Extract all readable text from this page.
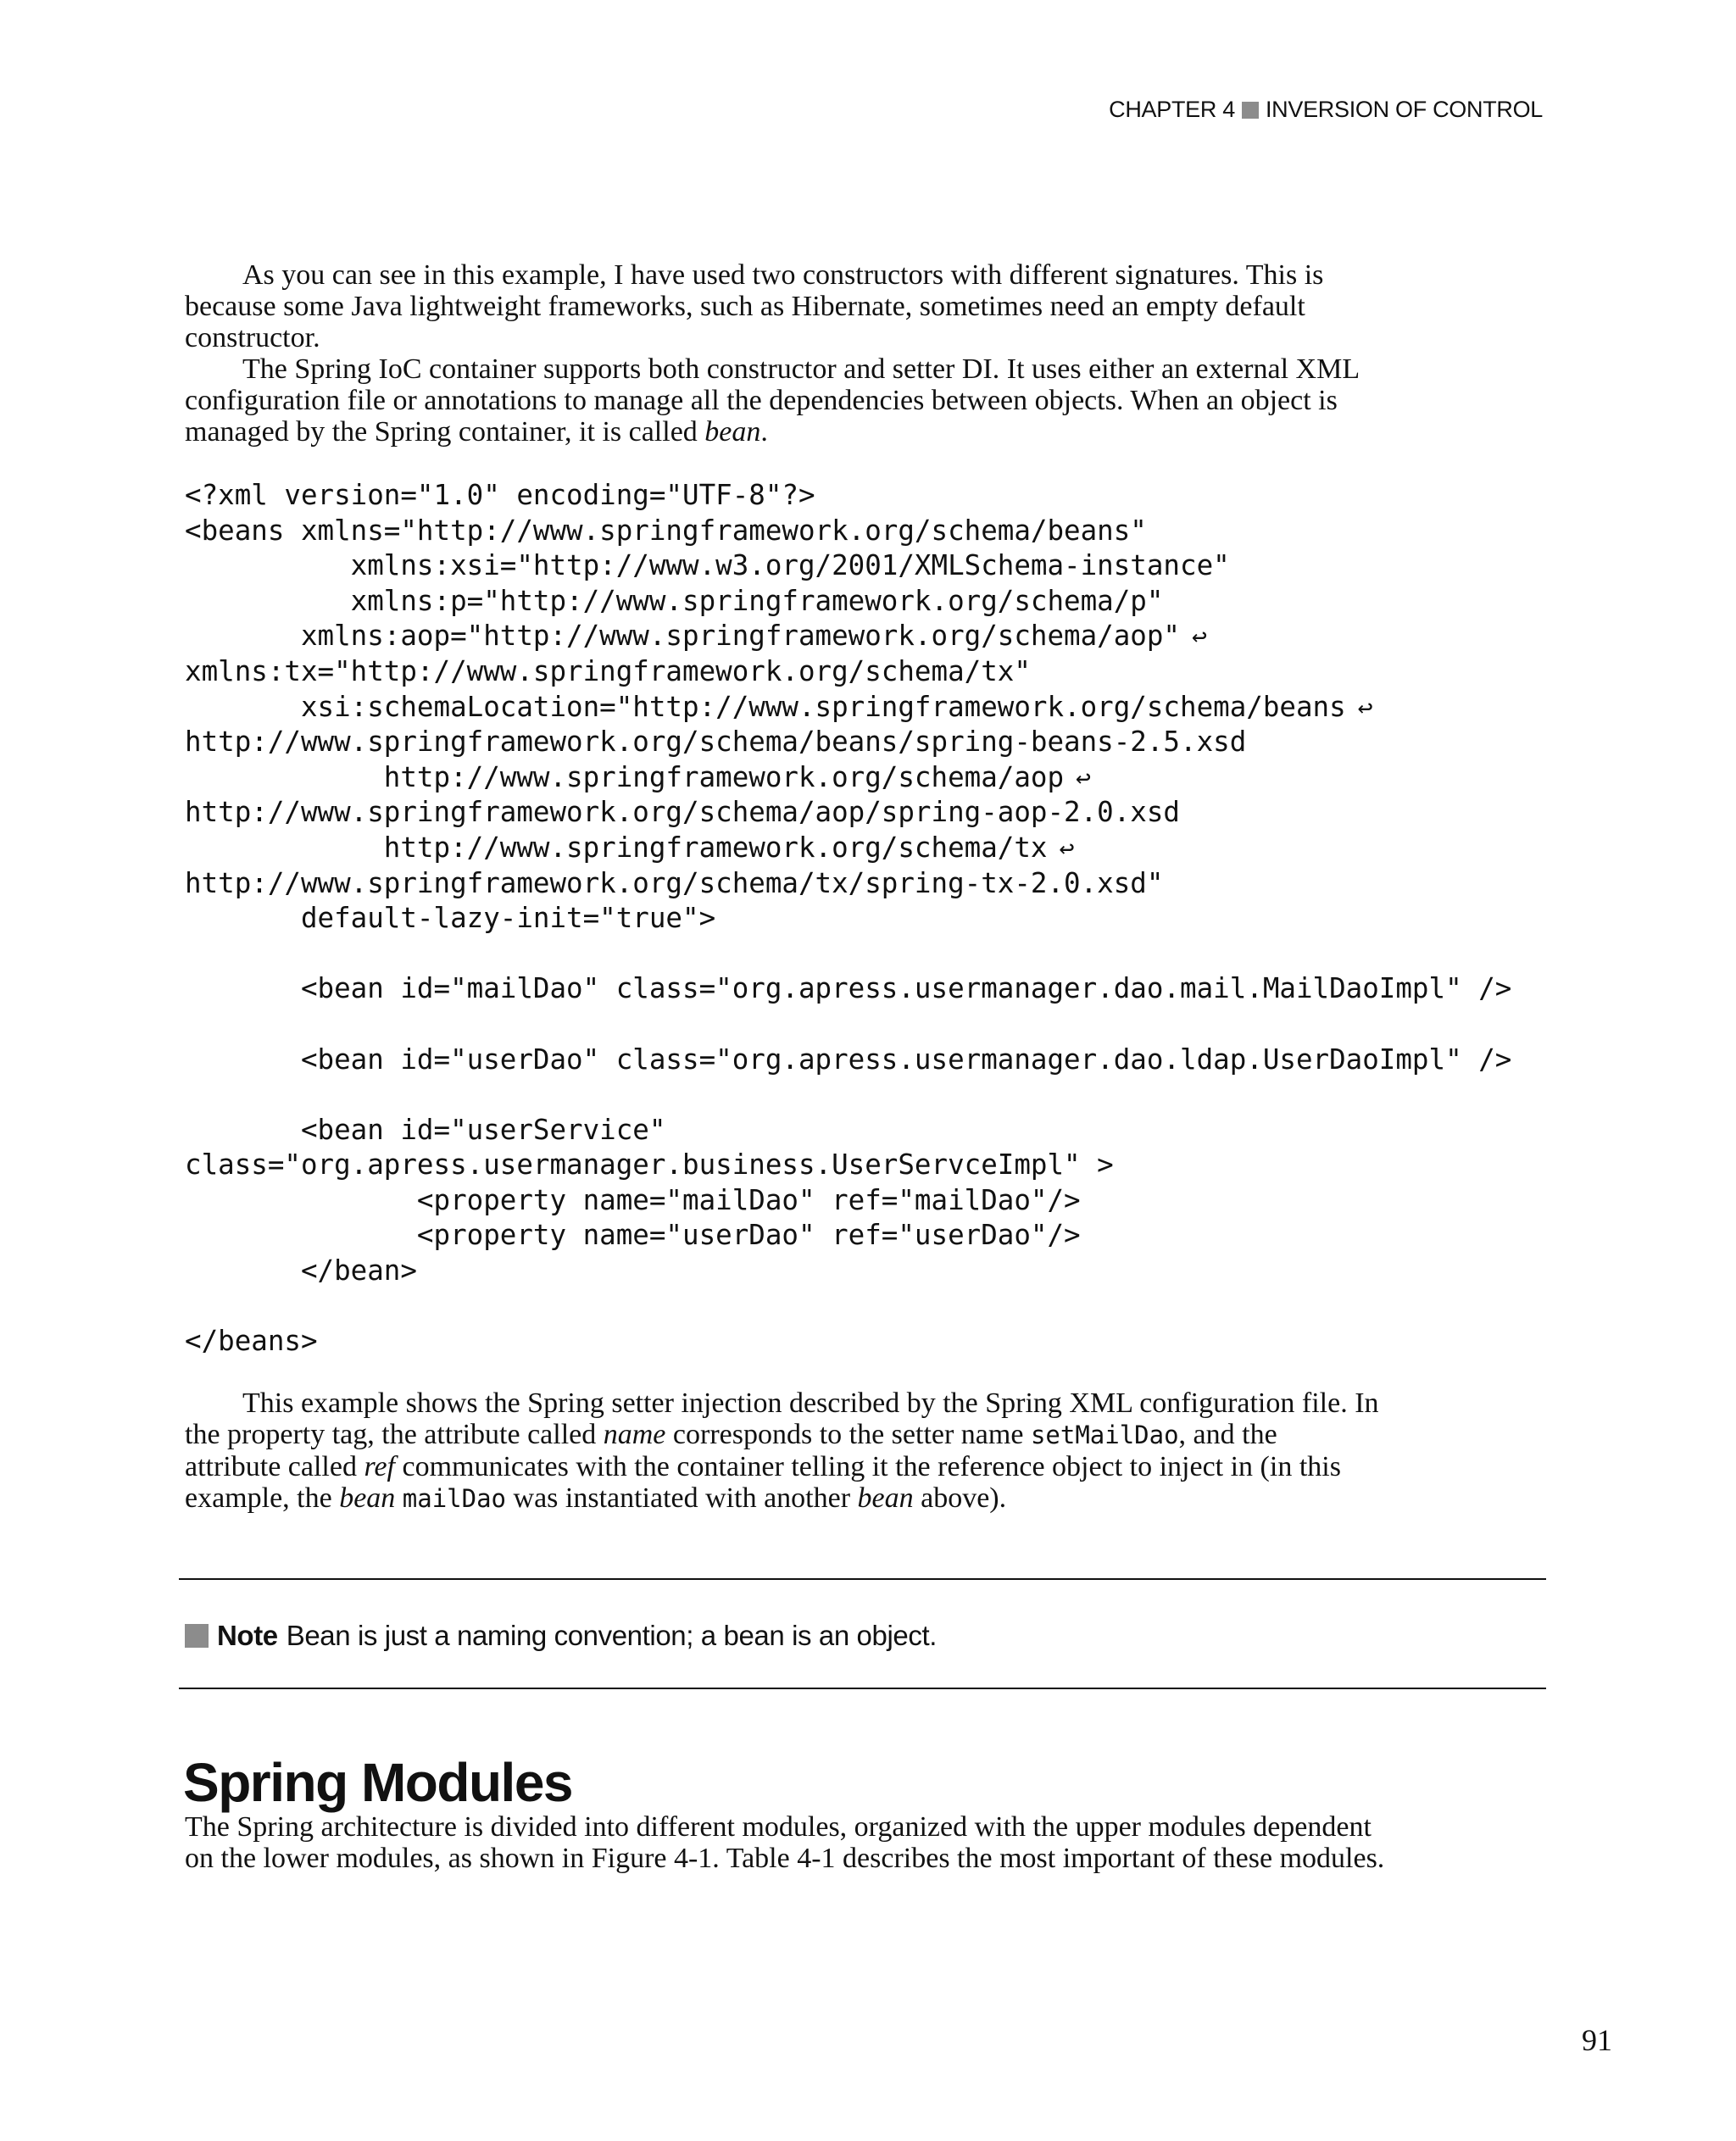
CHAPTER 4 INVERSION OF CONTROL

As you can see in this example, I have used two constructors with different signatures. This is

because some Java lightweight frameworks, such as Hibernate, sometimes need an empty default

constructor.

The Spring IoC container supports both constructor and setter DI. It uses either an external XML

configuration file or annotations to manage all the dependencies between objects. When an object is

managed by the Spring container, it is called bean.

<?xml version="1.0" encoding="UTF-8"?>
<beans xmlns="http://www.springframework.org/schema/beans"
xmlns:xsi="http://www.w3.org/2001/XMLSchema-instance"
xmlns:p="http://www.springframework.org/schema/p"
xmlns:aop="http://www.springframework.org/schema/aop" ↩
xmlns:tx="http://www.springframework.org/schema/tx"
xsi:schemaLocation="http://www.springframework.org/schema/beans ↩
http://www.springframework.org/schema/beans/spring-beans-2.5.xsd
http://www.springframework.org/schema/aop ↩
http://www.springframework.org/schema/aop/spring-aop-2.0.xsd
http://www.springframework.org/schema/tx ↩
http://www.springframework.org/schema/tx/spring-tx-2.0.xsd"
default-lazy-init="true">
<bean id="mailDao" class="org.apress.usermanager.dao.mail.MailDaoImpl" />
<bean id="userDao" class="org.apress.usermanager.dao.ldap.UserDaoImpl" />
<bean id="userService"
class="org.apress.usermanager.business.UserServceImpl" >
<property name="mailDao" ref="mailDao"/>
<property name="userDao" ref="userDao"/>
</bean>
</beans>

This example shows the Spring setter injection described by the Spring XML configuration file. In

the property tag, the attribute called name corresponds to the setter name setMailDao, and the

attribute called ref communicates with the container telling it the reference object to inject in (in this

example, the bean mailDao was instantiated with another bean above).

Note Bean is just a naming convention; a bean is an object.
Spring Modules

The Spring architecture is divided into different modules, organized with the upper modules dependent

on the lower modules, as shown in Figure 4-1. Table 4-1 describes the most important of these modules.

91
